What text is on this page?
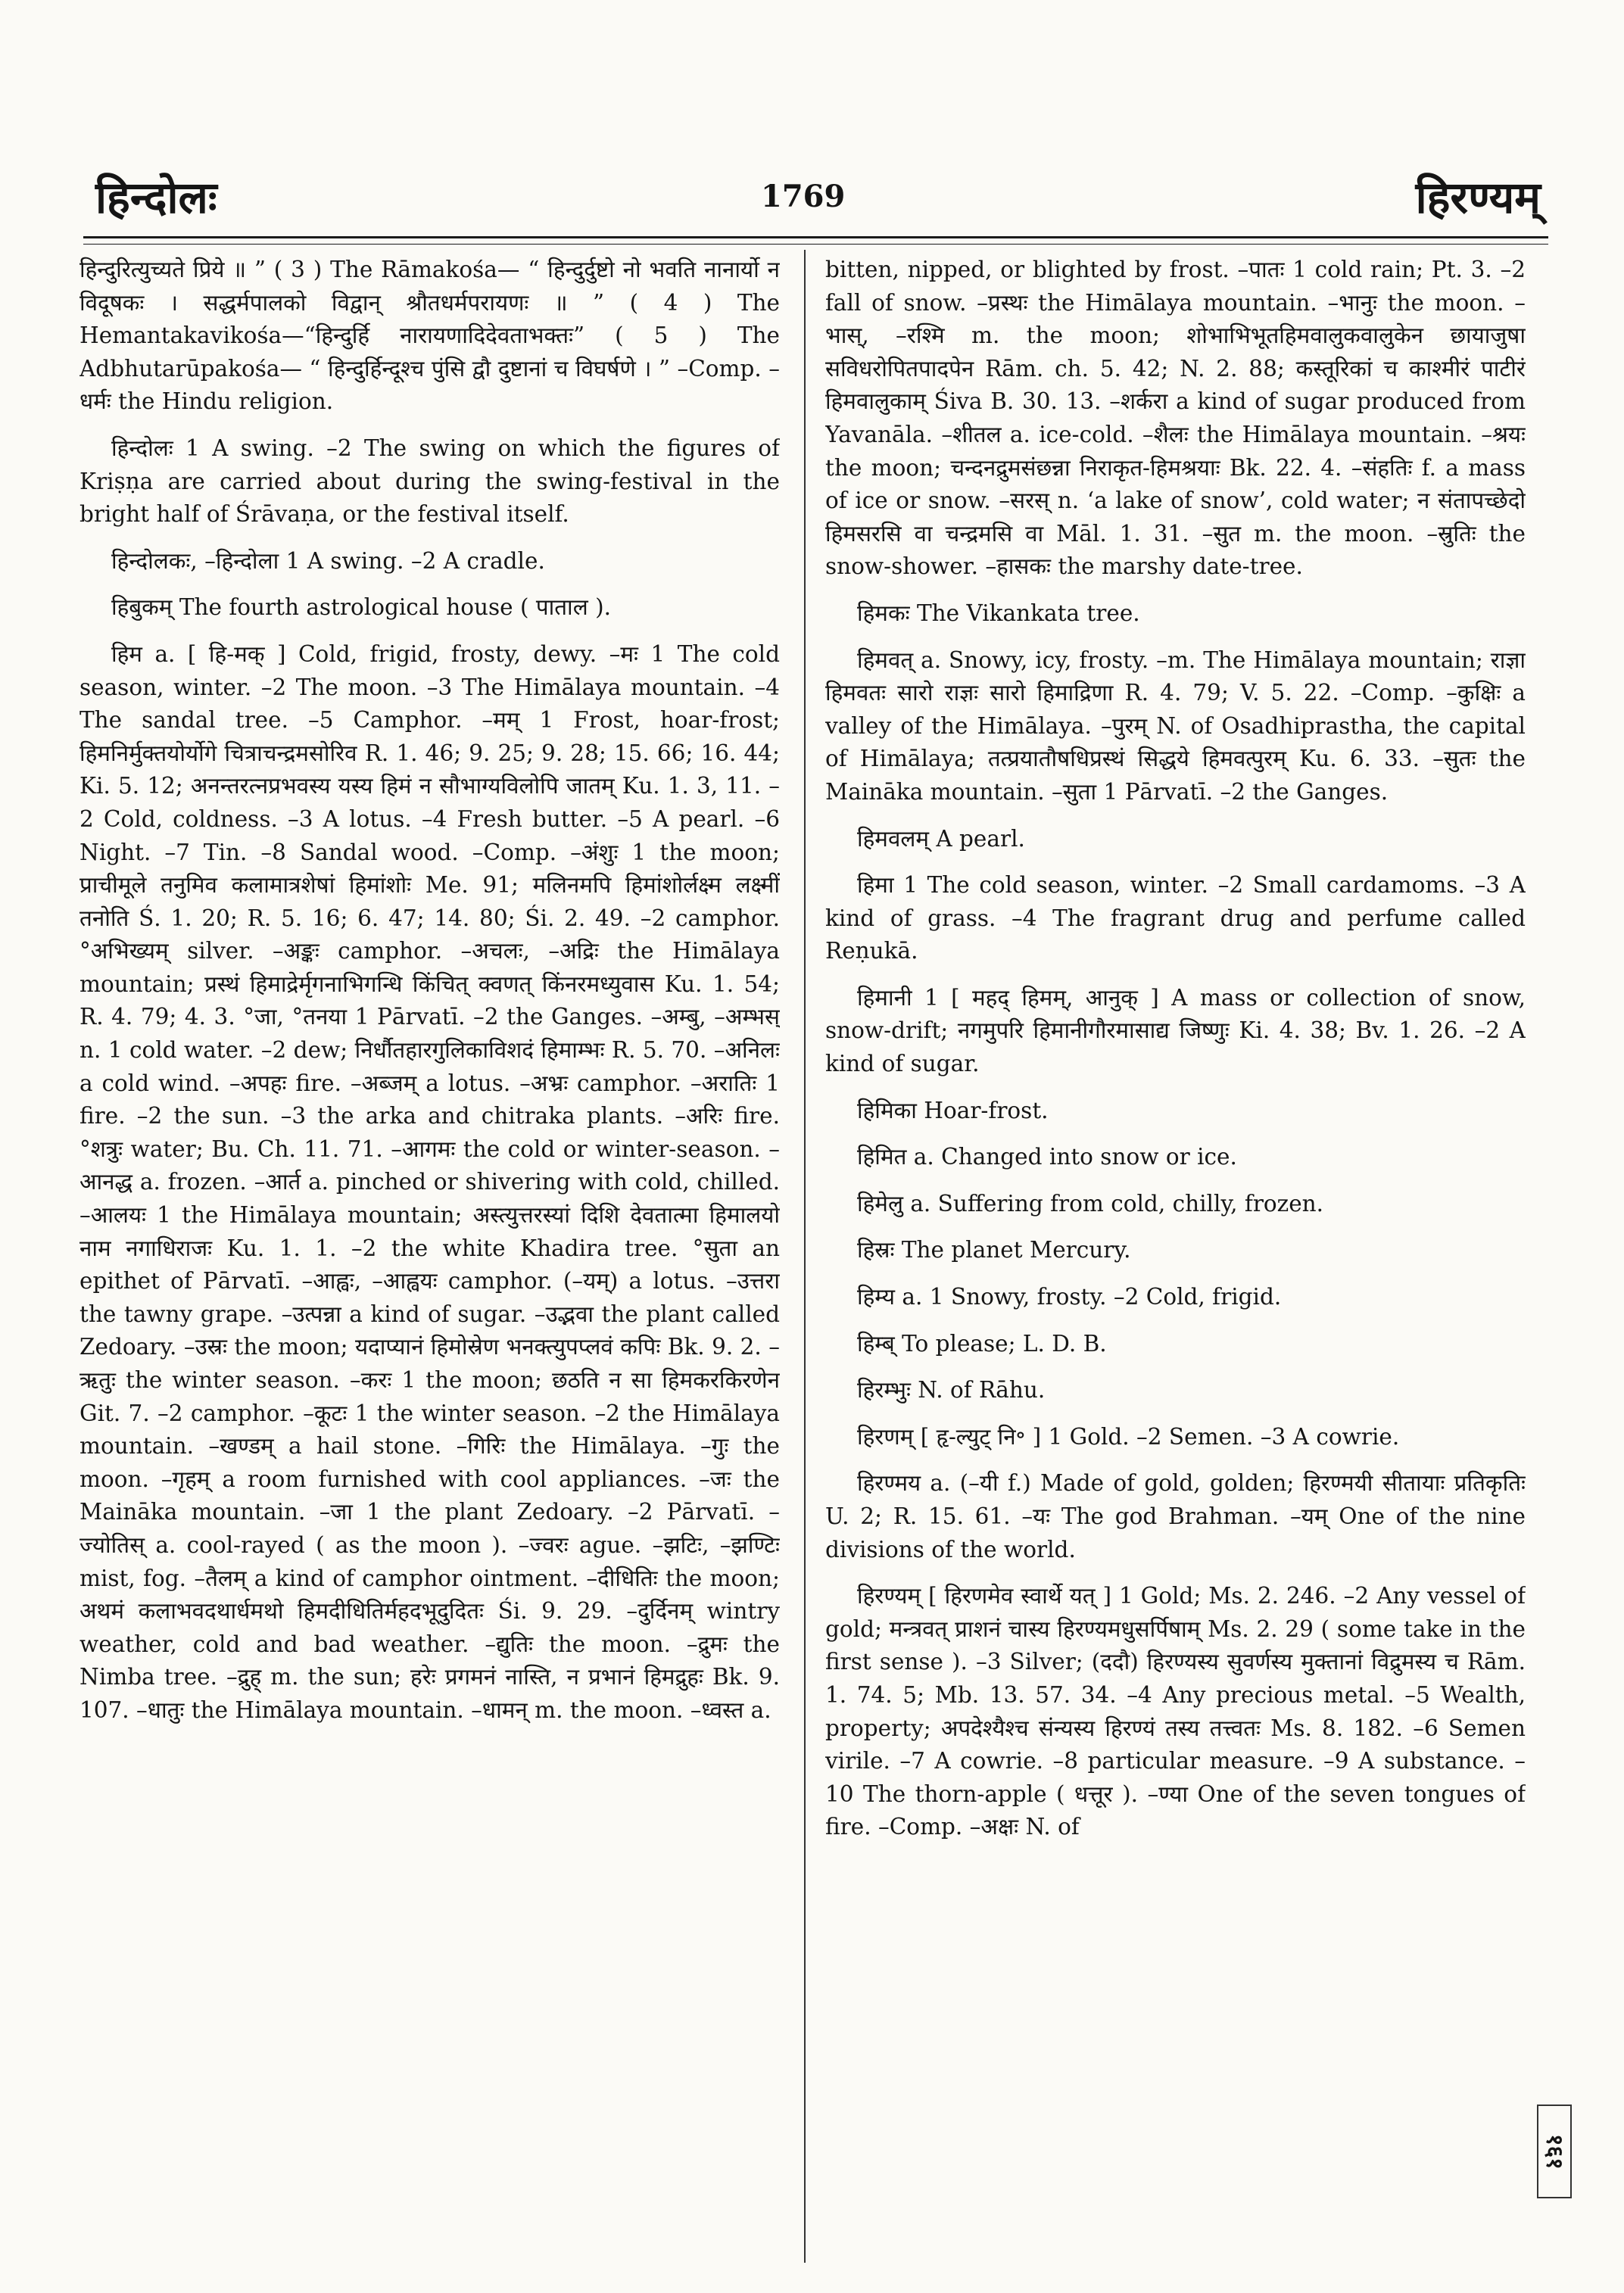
हिन्दोलः	1769	हिरण्यम्

हिन्दुरित्युच्यते प्रिये ॥ ” ( 3 ) The Rāmakośa— “ हिन्दुर्दुष्टो नो भवति नानार्यो न विदूषकः । सद्धर्मपालको विद्वान् श्रौतधर्मपरायणः ॥ ” ( 4 ) The Hemantakavikośa—“हिन्दुर्हि नारायणादिदेवताभक्तः” ( 5 ) The Adbhutarūpakośa— “ हिन्दुर्हिन्दूश्च पुंसि द्वौ दुष्टानां च विघर्षणे । ” –Comp. –धर्मः the Hindu religion.

हिन्दोलः 1 A swing. –2 The swing on which the figures of Kriṣṇa are carried about during the swing-festival in the bright half of Śrāvaṇa, or the festival itself.

हिन्दोलकः, –हिन्दोला 1 A swing. –2 A cradle.

हिबुकम् The fourth astrological house ( पाताल ).

हिम a. [ हि-मक् ] Cold, frigid, frosty, dewy. –मः 1 The cold season, winter. –2 The moon. –3 The Himālaya mountain. –4 The sandal tree. –5 Camphor. –मम् 1 Frost, hoar-frost; हिमनिर्मुक्तयोर्योगे चित्राचन्द्रमसोरिव R. 1. 46; 9. 25; 9. 28; 15. 66; 16. 44; Ki. 5. 12; अनन्तरत्नप्रभवस्य यस्य हिमं न सौभाग्यविलोपि जातम् Ku. 1. 3, 11. –2 Cold, coldness. –3 A lotus. –4 Fresh butter. –5 A pearl. –6 Night. –7 Tin. –8 Sandal wood. –Comp. –अंशुः 1 the moon; प्राचीमूले तनुमिव कलामात्रशेषां हिमांशोः Me. 91; मलिनमपि हिमांशोर्लक्ष्म लक्ष्मीं तनोति Ś. 1. 20; R. 5. 16; 6. 47; 14. 80; Śi. 2. 49. –2 camphor. °अभिख्यम् silver. –अङ्कः camphor. –अचलः, –अद्रिः the Himālaya mountain; प्रस्थं हिमाद्रेर्मृगनाभिगन्धि किंचित् क्वणत् किंनरमध्युवास Ku. 1. 54; R. 4. 79; 4. 3. °जा, °तनया 1 Pārvatī. –2 the Ganges. –अम्बु, –अम्भस् n. 1 cold water. –2 dew; निर्धौतहारगुलिकाविशदं हिमाम्भः R. 5. 70. –अनिलः a cold wind. –अपहः fire. –अब्जम् a lotus. –अभ्रः camphor. –अरातिः 1 fire. –2 the sun. –3 the arka and chitraka plants. –अरिः fire. °शत्रुः water; Bu. Ch. 11. 71. –आगमः the cold or winter-season. –आनद्ध a. frozen. –आर्त a. pinched or shivering with cold, chilled. –आलयः 1 the Himālaya mountain; अस्त्युत्तरस्यां दिशि देवतात्मा हिमालयो नाम नगाधिराजः Ku. 1. 1. –2 the white Khadira tree. °सुता an epithet of Pārvatī. –आह्वः, –आह्वयः camphor. (–यम्) a lotus. –उत्तरा the tawny grape. –उत्पन्ना a kind of sugar. –उद्भवा the plant called Zedoary. –उस्रः the moon; यदाप्यानं हिमोस्रेण भनक्त्युपप्लवं कपिः Bk. 9. 2. –ऋतुः the winter season. –करः 1 the moon; छठति न सा हिमकरकिरणेन Git. 7. –2 camphor. –कूटः 1 the winter season. –2 the Himālaya mountain. –खण्डम् a hail stone. –गिरिः the Himālaya. –गुः the moon. –गृहम् a room furnished with cool appliances. –जः the Maināka mountain. –जा 1 the plant Zedoary. –2 Pārvatī. –ज्योतिस् a. cool-rayed ( as the moon ). –ज्वरः ague. –झटिः, –झण्टिः mist, fog. –तैलम् a kind of camphor ointment. –दीधितिः the moon; अथमं कलाभवदथार्धमथो हिमदीधितिर्महदभूदुदितः Śi. 9. 29. –दुर्दिनम् wintry weather, cold and bad weather. –द्युतिः the moon. –द्रुमः the Nimba tree. –द्रुह् m. the sun; हरेः प्रगमनं नास्ति, न प्रभानं हिमद्रुहः Bk. 9. 107. –धातुः the Himālaya mountain. –धामन् m. the moon. –ध्वस्त a.

bitten, nipped, or blighted by frost. –पातः 1 cold rain; Pt. 3. –2 fall of snow. –प्रस्थः the Himālaya mountain. –भानुः the moon. –भास्, –रश्मि m. the moon; शोभाभिभूतहिमवालुकवालुकेन छायाजुषा सविधरोपितपादपेन Rām. ch. 5. 42; N. 2. 88; कस्तूरिकां च काश्मीरं पाटीरं हिमवालुकाम् Śiva B. 30. 13. –शर्करा a kind of sugar produced from Yavanāla. –शीतल a. ice-cold. –शैलः the Himālaya mountain. –श्रयः the moon; चन्दनद्रुमसंछन्ना निराकृत-हिमश्रयाः Bk. 22. 4. –संहतिः f. a mass of ice or snow. –सरस् n. ‘a lake of snow’, cold water; न संतापच्छेदो हिमसरसि वा चन्द्रमसि वा Māl. 1. 31. –सुत m. the moon. –स्रुतिः the snow-shower. –हासकः the marshy date-tree.

हिमकः The Vikankata tree.

हिमवत् a. Snowy, icy, frosty. –m. The Himālaya mountain; राज्ञा हिमवतः सारो राज्ञः सारो हिमाद्रिणा R. 4. 79; V. 5. 22. –Comp. –कुक्षिः a valley of the Himālaya. –पुरम् N. of Osadhiprastha, the capital of Himālaya; तत्प्रयातौषधिप्रस्थं सिद्धये हिमवत्पुरम् Ku. 6. 33. –सुतः the Maināka mountain. –सुता 1 Pārvatī. –2 the Ganges.

हिमवलम् A pearl.

हिमा 1 The cold season, winter. –2 Small cardamoms. –3 A kind of grass. –4 The fragrant drug and perfume called Reṇukā.

हिमानी 1 [ महद् हिमम्, आनुक् ] A mass or collection of snow, snow-drift; नगमुपरि हिमानीगौरमासाद्य जिष्णुः Ki. 4. 38; Bv. 1. 26. –2 A kind of sugar.

हिमिका Hoar-frost.

हिमित a. Changed into snow or ice.

हिमेलु a. Suffering from cold, chilly, frozen.

हिस्रः The planet Mercury.

हिम्य a. 1 Snowy, frosty. –2 Cold, frigid.

हिम्ब् To please; L. D. B.

हिरम्भुः N. of Rāhu.

हिरणम् [ हृ-ल्युट् नि॰ ] 1 Gold. –2 Semen. –3 A cowrie.

हिरण्मय a. (–यी f.) Made of gold, golden; हिरण्मयी सीतायाः प्रतिकृतिः U. 2; R. 15. 61. –यः The god Brahman. –यम् One of the nine divisions of the world.

हिरण्यम् [ हिरणमेव स्वार्थे यत् ] 1 Gold; Ms. 2. 246. –2 Any vessel of gold; मन्त्रवत् प्राशनं चास्य हिरण्यमधुसर्पिषाम् Ms. 2. 29 ( some take in the first sense ). –3 Silver; (ददौ) हिरण्यस्य सुवर्णस्य मुक्तानां विद्रुमस्य च Rām. 1. 74. 5; Mb. 13. 57. 34. –4 Any precious metal. –5 Wealth, property; अपदेश्यैश्च संन्यस्य हिरण्यं तस्य तत्त्वतः Ms. 8. 182. –6 Semen virile. –7 A cowrie. –8 particular measure. –9 A substance. –10 The thorn-apple ( धत्तूर ). –ण्या One of the seven tongues of fire. –Comp. –अक्षः N. of

१६१
